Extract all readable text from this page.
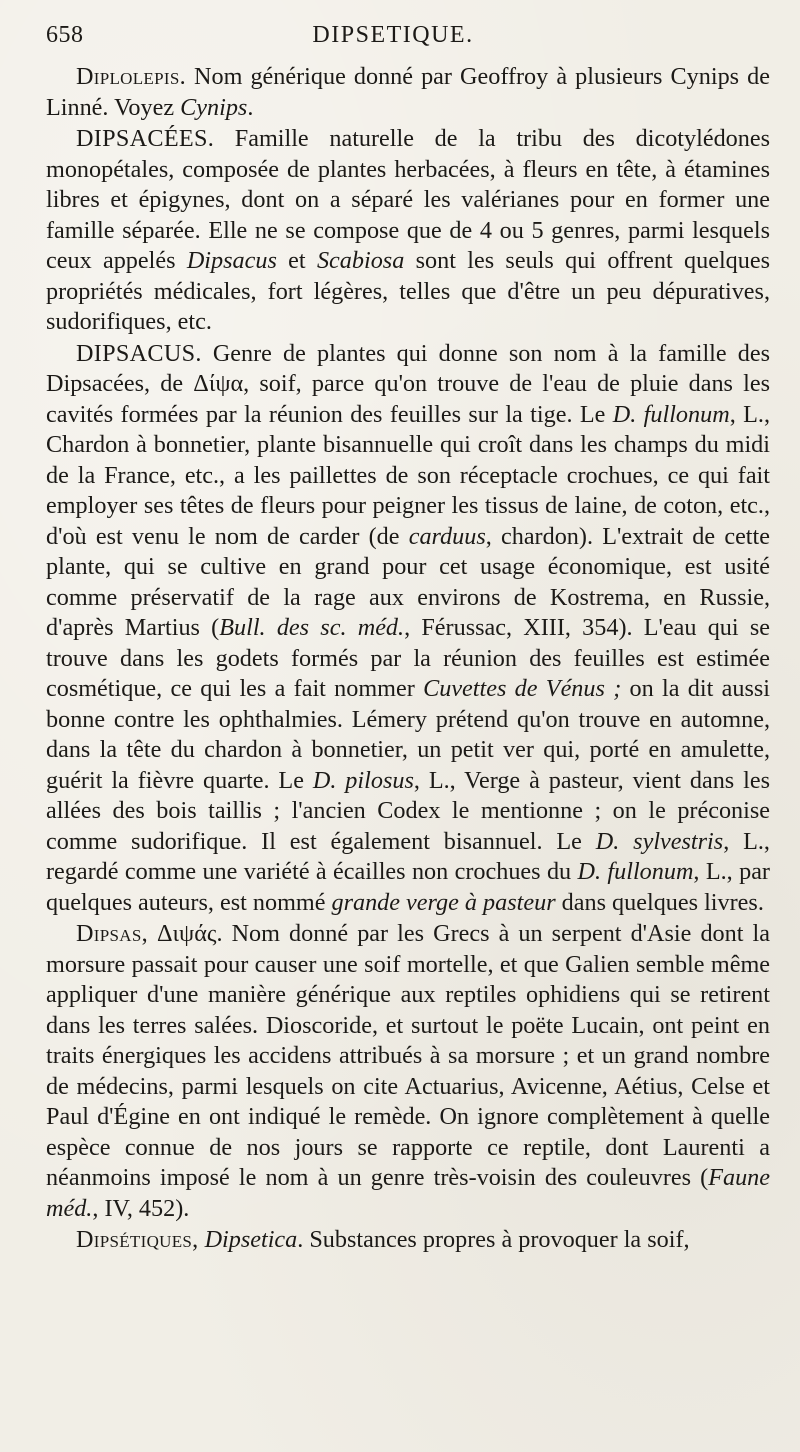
658	DIPSETIQUE.

Diplolepis. Nom générique donné par Geoffroy à plusieurs Cynips de Linné. Voyez Cynips.

DIPSACÉES. Famille naturelle de la tribu des dicotylédones monopétales, composée de plantes herbacées, à fleurs en tête, à étamines libres et épigynes, dont on a séparé les valérianes pour en former une famille séparée. Elle ne se compose que de 4 ou 5 genres, parmi lesquels ceux appelés Dipsacus et Scabiosa sont les seuls qui offrent quelques propriétés médicales, fort légères, telles que d'être un peu dépuratives, sudorifiques, etc.

DIPSACUS. Genre de plantes qui donne son nom à la famille des Dipsacées, de Δίψα, soif, parce qu'on trouve de l'eau de pluie dans les cavités formées par la réunion des feuilles sur la tige. Le D. fullonum, L., Chardon à bonnetier, plante bisannuelle qui croît dans les champs du midi de la France, etc., a les paillettes de son réceptacle crochues, ce qui fait employer ses têtes de fleurs pour peigner les tissus de laine, de coton, etc., d'où est venu le nom de carder (de carduus, chardon). L'extrait de cette plante, qui se cultive en grand pour cet usage économique, est usité comme préservatif de la rage aux environs de Kostrema, en Russie, d'après Martius (Bull. des sc. méd., Férussac, XIII, 354). L'eau qui se trouve dans les godets formés par la réunion des feuilles est estimée cosmétique, ce qui les a fait nommer Cuvettes de Vénus ; on la dit aussi bonne contre les ophthalmies. Lémery prétend qu'on trouve en automne, dans la tête du chardon à bonnetier, un petit ver qui, porté en amulette, guérit la fièvre quarte. Le D. pilosus, L., Verge à pasteur, vient dans les allées des bois taillis ; l'ancien Codex le mentionne ; on le préconise comme sudorifique. Il est également bisannuel. Le D. sylvestris, L., regardé comme une variété à écailles non crochues du D. fullonum, L., par quelques auteurs, est nommé grande verge à pasteur dans quelques livres.

Dipsas, Διψάς. Nom donné par les Grecs à un serpent d'Asie dont la morsure passait pour causer une soif mortelle, et que Galien semble même appliquer d'une manière générique aux reptiles ophidiens qui se retirent dans les terres salées. Dioscoride, et surtout le poëte Lucain, ont peint en traits énergiques les accidens attribués à sa morsure ; et un grand nombre de médecins, parmi lesquels on cite Actuarius, Avicenne, Aétius, Celse et Paul d'Égine en ont indiqué le remède. On ignore complètement à quelle espèce connue de nos jours se rapporte ce reptile, dont Laurenti a néanmoins imposé le nom à un genre très-voisin des couleuvres (Faune méd., IV, 452).

Dipsétiques, Dipsetica. Substances propres à provoquer la soif,
